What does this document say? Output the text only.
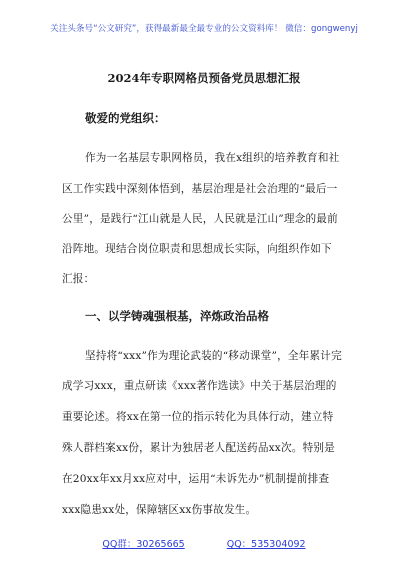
关注头条号“公文研究”，获得最新最全最专业的公文资料库！ 微信：gongwenyj
2024年专职网格员预备党员思想汇报
敬爱的党组织：
作为一名基层专职网格员，我在x组织的培养教育和社
区工作实践中深刻体悟到，基层治理是社会治理的“最后一
公里”，是践行“江山就是人民，人民就是江山”理念的最前
沿阵地。现结合岗位职责和思想成长实际，向组织作如下
汇报：
一、以学铸魂强根基，淬炼政治品格
坚持将“xxx”作为理论武装的“移动课堂”，全年累计完
成学习xxx，重点研读《xxx著作选读》中关于基层治理的
重要论述。将xx在第一位的指示转化为具体行动，建立特
殊人群档案xx份，累计为独居老人配送药品xx次。特别是
在20xx年xx月xx应对中，运用“未诉先办”机制提前排查
xxx隐患xx处，保障辖区xx伤事故发生。
QQ群：30265665	QQ：535304092
